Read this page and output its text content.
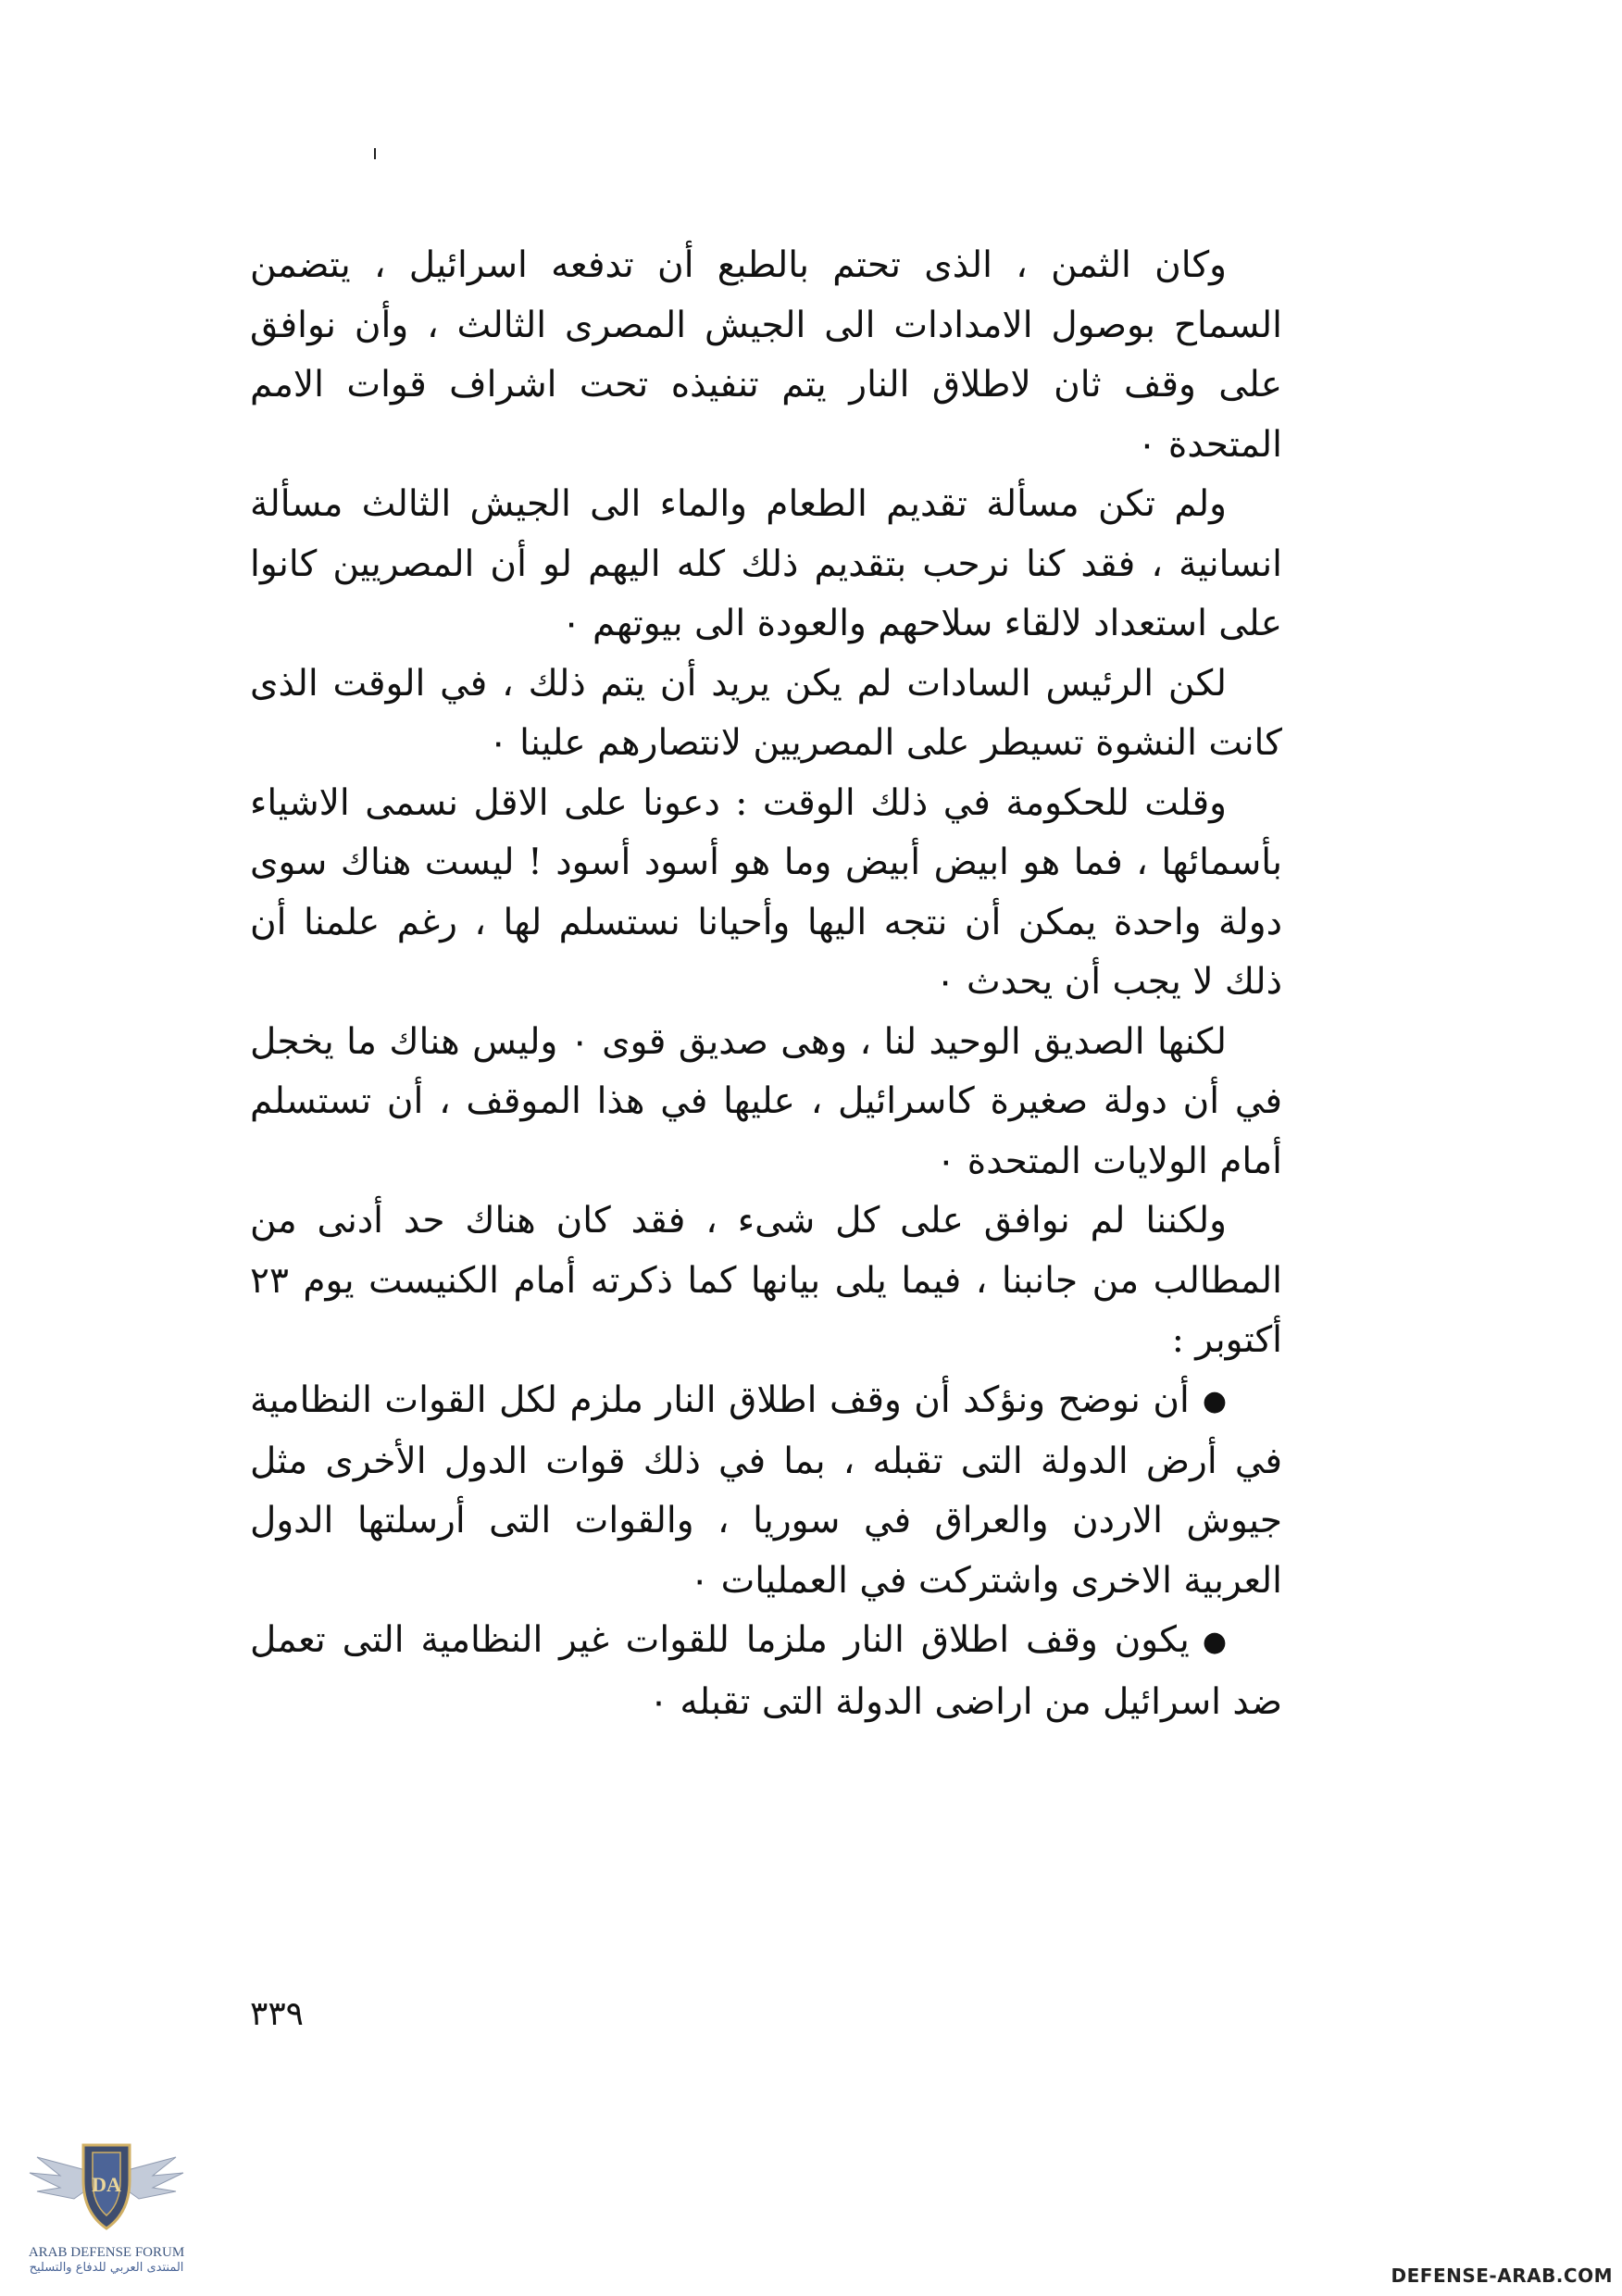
وكان الثمن ، الذى تحتم بالطبع أن تدفعه اسرائيل ، يتضمن السماح بوصول الامدادات الى الجيش المصرى الثالث ، وأن نوافق على وقف ثان لاطلاق النار يتم تنفيذه تحت اشراف قوات الامم المتحدة ٠

ولم تكن مسألة تقديم الطعام والماء الى الجيش الثالث مسألة انسانية ، فقد كنا نرحب بتقديم ذلك كله اليهم لو أن المصريين كانوا على استعداد لالقاء سلاحهم والعودة الى بيوتهم ٠

لكن الرئيس السادات لم يكن يريد أن يتم ذلك ، في الوقت الذى كانت النشوة تسيطر على المصريين لانتصارهم علينا ٠

وقلت للحكومة في ذلك الوقت : دعونا على الاقل نسمى الاشياء بأسمائها ، فما هو ابيض أبيض وما هو أسود أسود ! ليست هناك سوى دولة واحدة يمكن أن نتجه اليها وأحيانا نستسلم لها ، رغم علمنا أن ذلك لا يجب أن يحدث ٠

لكنها الصديق الوحيد لنا ، وهى صديق قوى ٠ وليس هناك ما يخجل في أن دولة صغيرة كاسرائيل ، عليها في هذا الموقف ، أن تستسلم أمام الولايات المتحدة ٠

ولكننا لم نوافق على كل شىء ، فقد كان هناك حد أدنى من المطالب من جانبنا ، فيما يلى بيانها كما ذكرته أمام الكنيست يوم ٢٣ أكتوبر :

●أن نوضح ونؤكد أن وقف اطلاق النار ملزم لكل القوات النظامية في أرض الدولة التى تقبله ، بما في ذلك قوات الدول الأخرى مثل جيوش الاردن والعراق في سوريا ، والقوات التى أرسلتها الدول العربية الاخرى واشتركت في العمليات ٠

●يكون وقف اطلاق النار ملزما للقوات غير النظامية التى تعمل ضد اسرائيل من اراضى الدولة التى تقبله ٠

٣٣٩
DA
ARAB DEFENSE FORUM
المنتدى العربي للدفاع والتسليح	DEFENSE-ARAB.COM
